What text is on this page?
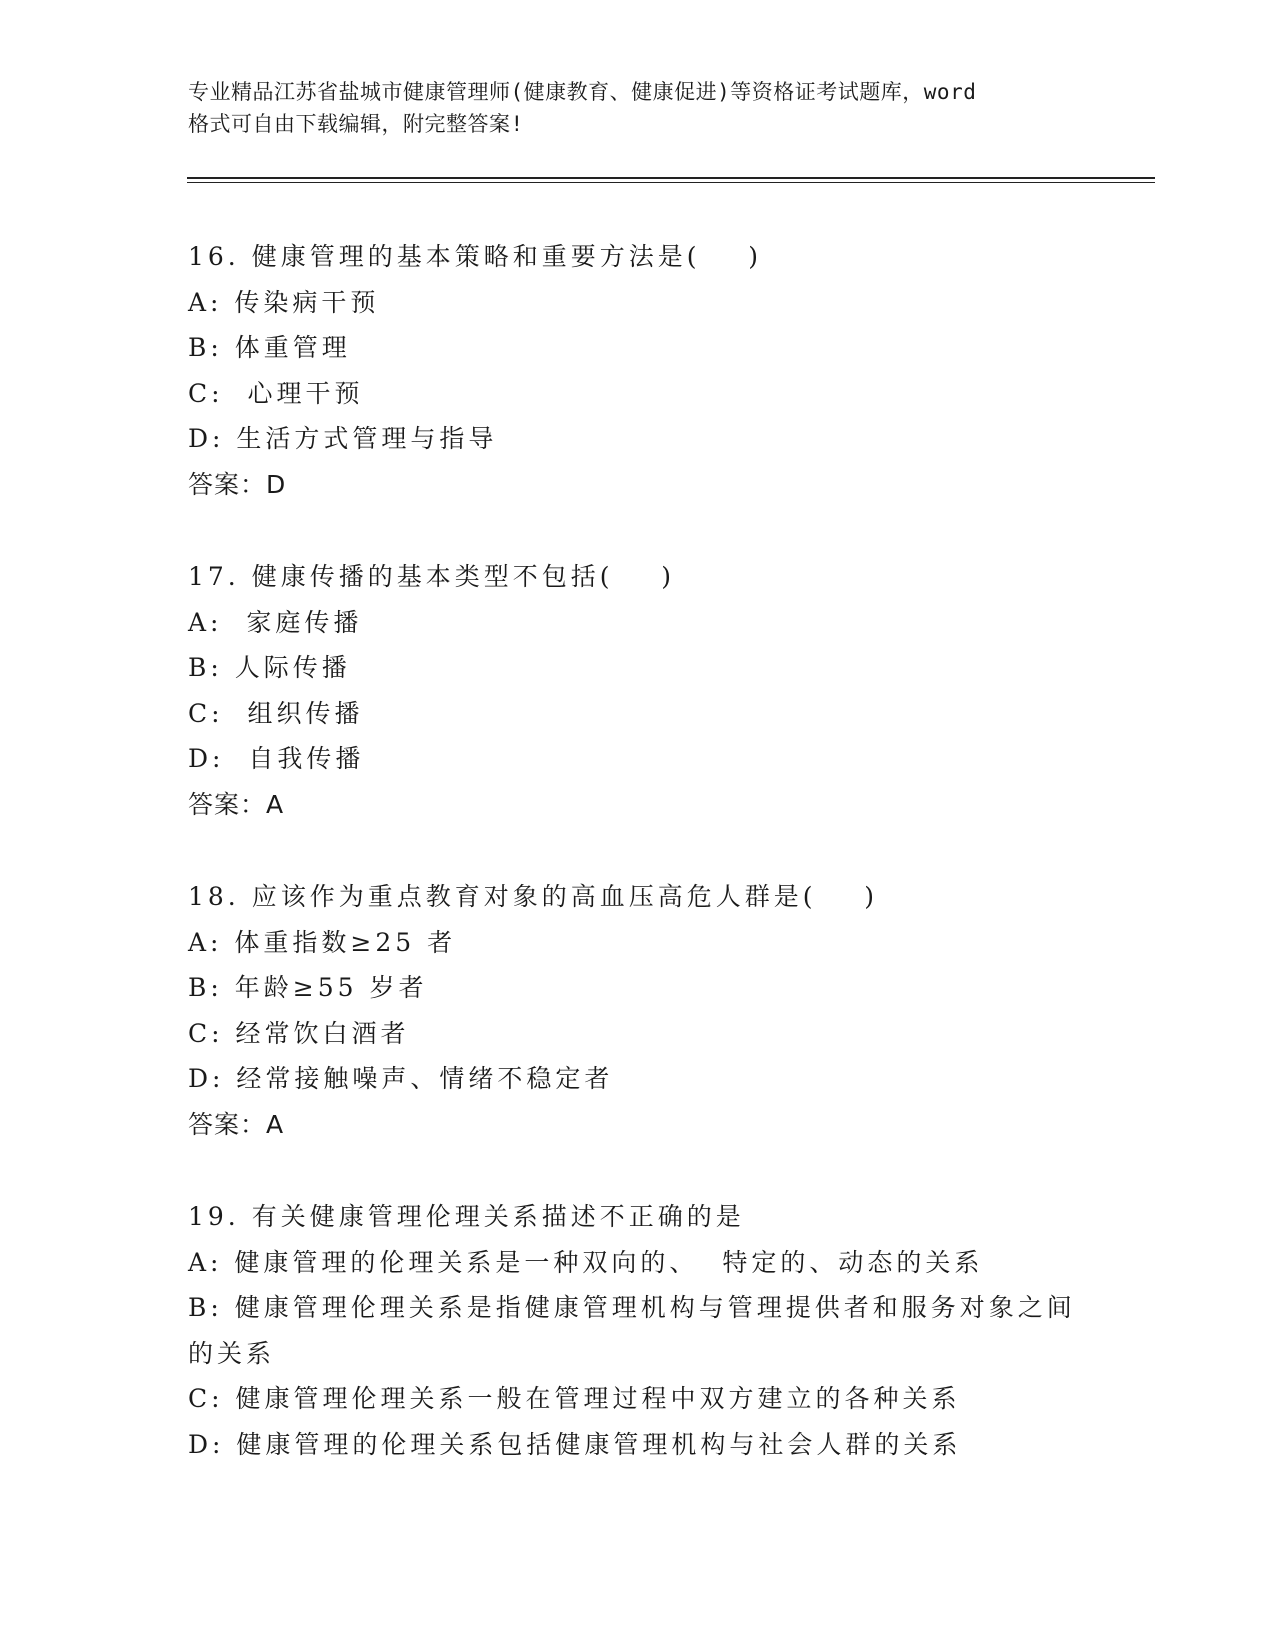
专业精品江苏省盐城市健康管理师(健康教育、健康促进)等资格证考试题库，word
格式可自由下载编辑，附完整答案!
16. 健康管理的基本策略和重要方法是(    )
A: 传染病干预
B: 体重管理
C:  心理干预
D: 生活方式管理与指导
答案：D
17. 健康传播的基本类型不包括(    )
A:  家庭传播
B: 人际传播
C:  组织传播
D:  自我传播
答案：A
18. 应该作为重点教育对象的高血压高危人群是(    )
A: 体重指数≥25 者
B: 年龄≥55 岁者
C: 经常饮白酒者
D: 经常接触噪声、情绪不稳定者
答案：A
19. 有关健康管理伦理关系描述不正确的是
A: 健康管理的伦理关系是一种双向的、  特定的、动态的关系
B: 健康管理伦理关系是指健康管理机构与管理提供者和服务对象之间的关系
C: 健康管理伦理关系一般在管理过程中双方建立的各种关系
D: 健康管理的伦理关系包括健康管理机构与社会人群的关系
